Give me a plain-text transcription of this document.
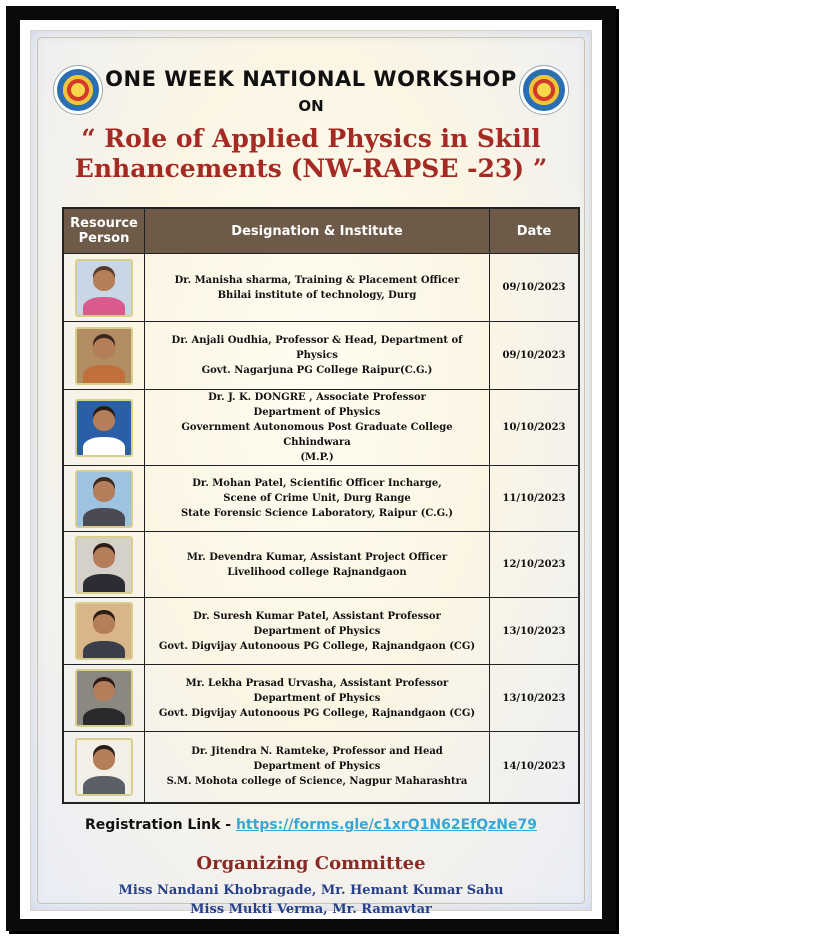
ONE WEEK NATIONAL WORKSHOP
ON
“ Role of Applied Physics in Skill
Enhancements (NW-RAPSE -23) ”
Resource
Person	Designation & Institute	Date

	Dr. Manisha sharma, Training & Placement Officer
Bhilai institute of technology, Durg	09/10/2023

	Dr. Anjali Oudhia, Professor & Head, Department of Physics
Govt. Nagarjuna PG College Raipur(C.G.)	09/10/2023

	Dr. J. K. DONGRE , Associate Professor
Department of Physics
Government Autonomous Post Graduate College Chhindwara
(M.P.)	10/10/2023

	Dr. Mohan Patel, Scientific Officer Incharge,
Scene of Crime Unit, Durg Range
State Forensic Science Laboratory, Raipur (C.G.)	11/10/2023

	Mr. Devendra Kumar, Assistant Project Officer
Livelihood college Rajnandgaon	12/10/2023

	Dr. Suresh Kumar Patel, Assistant Professor
Department of Physics
Govt. Digvijay Autonoous PG College, Rajnandgaon (CG)	13/10/2023

	Mr. Lekha Prasad Urvasha, Assistant Professor
Department of Physics
Govt. Digvijay Autonoous PG College, Rajnandgaon (CG)	13/10/2023

	Dr. Jitendra N. Ramteke, Professor and Head
Department of Physics
S.M. Mohota college of Science, Nagpur Maharashtra	14/10/2023
Registration Link - https://forms.gle/c1xrQ1N62EfQzNe79
Organizing Committee
Miss Nandani Khobragade, Mr. Hemant Kumar Sahu
Miss Mukti Verma, Mr. Ramavtar
